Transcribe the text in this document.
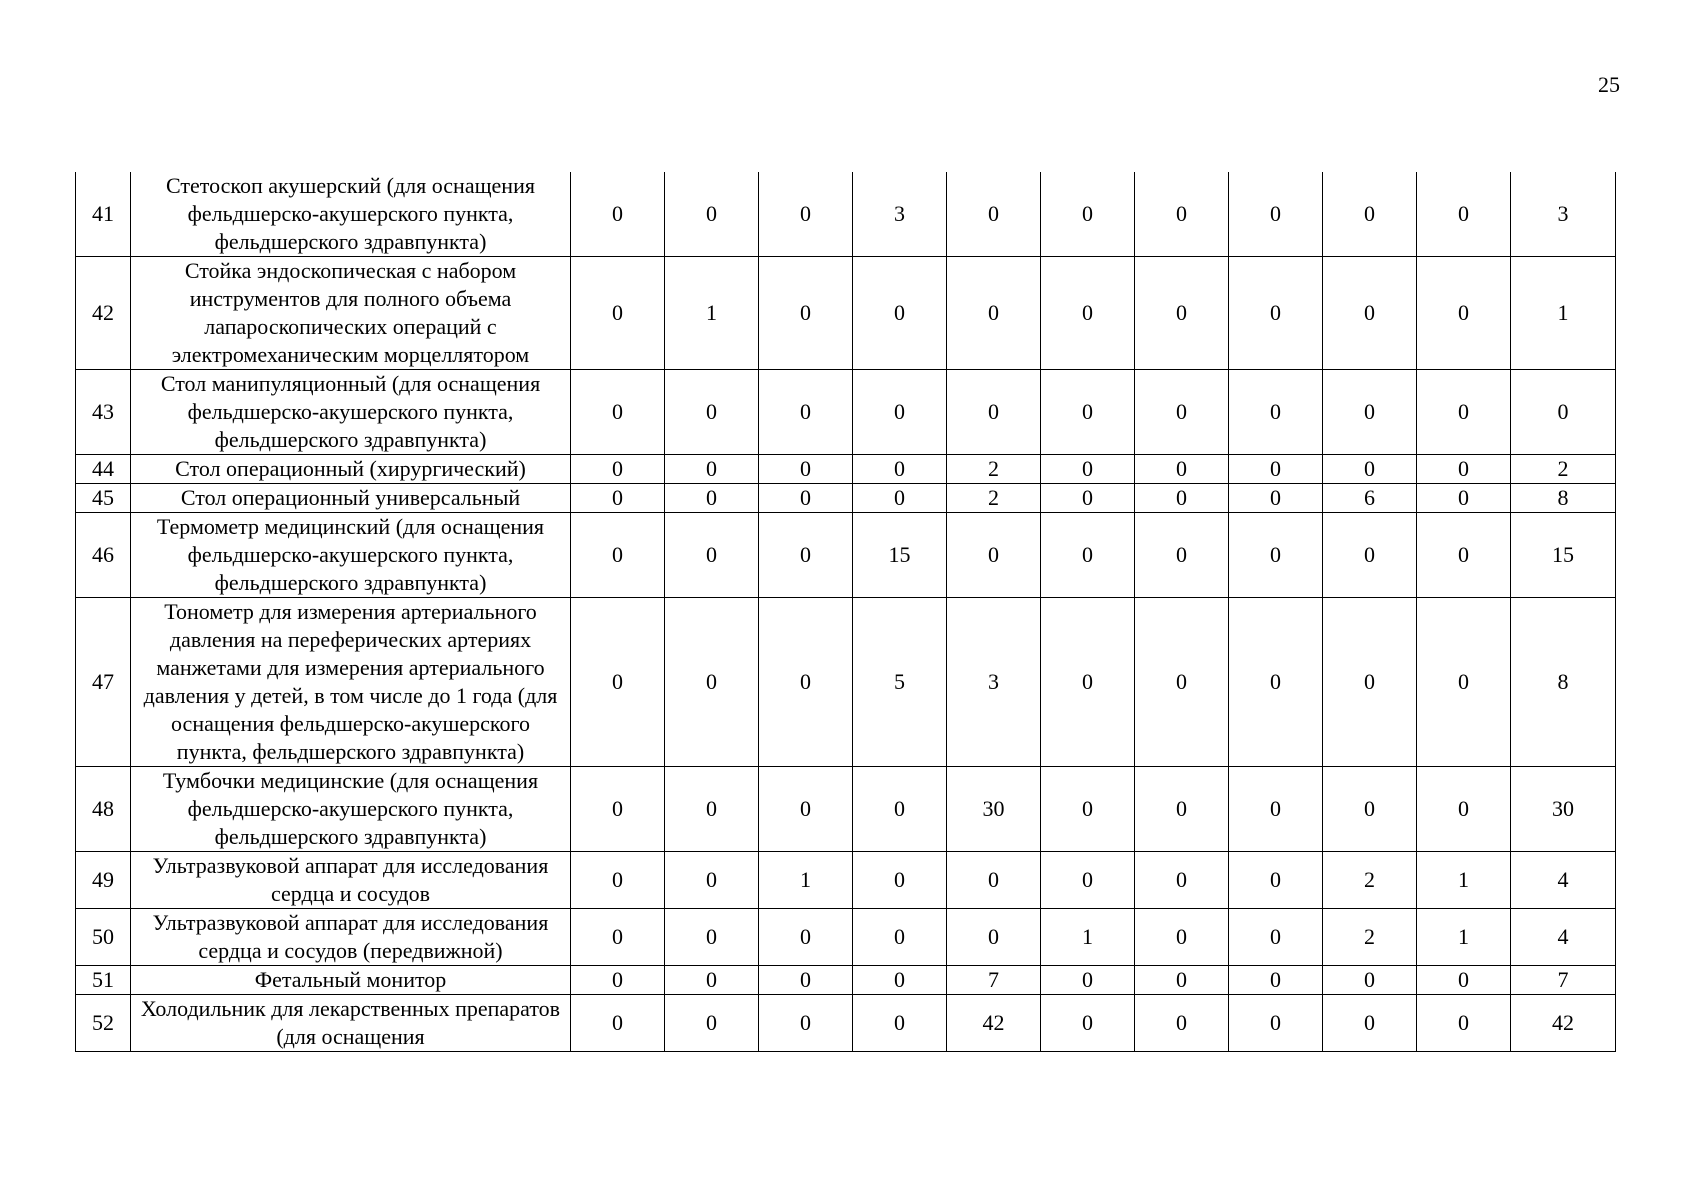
25
41	Стетоскоп акушерский (для оснащения фельдшерско-акушерского пункта, фельдшерского здравпункта)	0	0	0	3	0	0	0	0	0	0	3
42	Стойка эндоскопическая с набором инструментов для полного объема лапароскопических операций с электромеханическим морцеллятором	0	1	0	0	0	0	0	0	0	0	1
43	Стол манипуляционный (для оснащения фельдшерско-акушерского пункта, фельдшерского здравпункта)	0	0	0	0	0	0	0	0	0	0	0
44	Стол операционный (хирургический)	0	0	0	0	2	0	0	0	0	0	2
45	Стол операционный универсальный	0	0	0	0	2	0	0	0	6	0	8
46	Термометр медицинский (для оснащения фельдшерско-акушерского пункта, фельдшерского здравпункта)	0	0	0	15	0	0	0	0	0	0	15
47	Тонометр для измерения артериального давления на переферических артериях манжетами для измерения артериального давления у детей, в том числе до 1 года (для оснащения фельдшерско-акушерского пункта, фельдшерского здравпункта)	0	0	0	5	3	0	0	0	0	0	8
48	Тумбочки медицинские (для оснащения фельдшерско-акушерского пункта, фельдшерского здравпункта)	0	0	0	0	30	0	0	0	0	0	30
49	Ультразвуковой аппарат для исследования сердца и сосудов	0	0	1	0	0	0	0	0	2	1	4
50	Ультразвуковой аппарат для исследования сердца и сосудов (передвижной)	0	0	0	0	0	1	0	0	2	1	4
51	Фетальный монитор	0	0	0	0	7	0	0	0	0	0	7
52	Холодильник для лекарственных препаратов (для оснащения	0	0	0	0	42	0	0	0	0	0	42
